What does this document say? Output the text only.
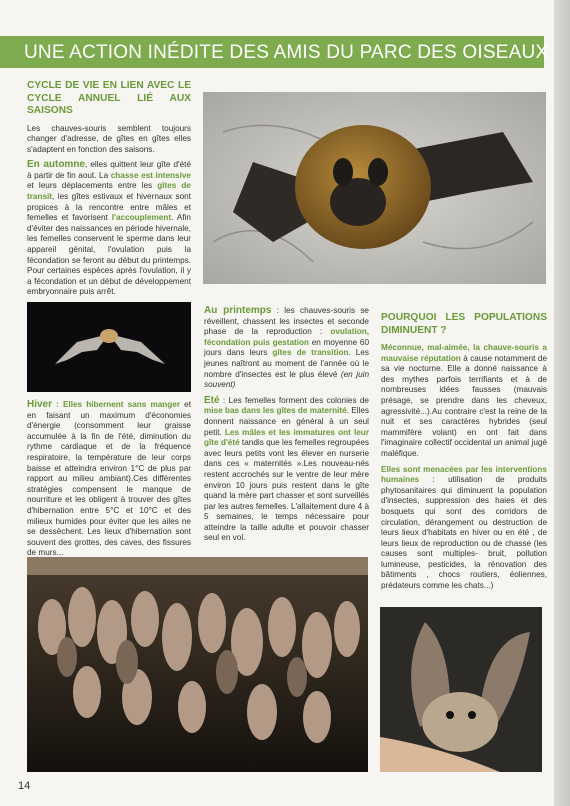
UNE ACTION INÉDITE DES AMIS DU PARC DES OISEAUX
CYCLE DE VIE EN LIEN AVEC LE CYCLE ANNUEL LIÉ AUX SAISONS

Les chauves-souris semblent toujours changer d'adresse, de gîtes en gîtes elles s'adaptent en fonction des saisons.

En automne, elles quittent leur gîte d'été à partir de fin aout. La chasse est intensive et leurs déplacements entre les gîtes de transit, les gîtes estivaux et hivernaux sont propices à la rencontre entre mâles et femelles et favorisent l'accouplement. Afin d'éviter des naissances en période hivernale, les femelles conservent le sperme dans leur appareil génital, l'ovulation puis la fécondation se feront au début du printemps. Pour certaines espèces après l'ovulation, il y a fécondation et un début de développement embryonnaire puis arrêt.

Hiver : Elles hibernent sans manger et en faisant un maximum d'économies d'énergie (consomment leur graisse accumulée à la fin de l'été, diminution du rythme cardiaque et de la fréquence respiratoire, la température de leur corps baisse et atteindra environ 1°C de plus par rapport au milieu ambiant).Ces différentes stratégies compensent le manque de nourriture et les obligent à trouver des gîtes d'hibernation entre 5°C et 10°C et des milieux humides pour éviter que les ailes ne se dessèchent. Les lieux d'hibernation sont souvent des grottes, des caves, des fissures de murs...

Au printemps : les chauves-souris se réveillent, chassent les insectes et seconde phase de la reproduction : ovulation, fécondation puis gestation en moyenne 60 jours dans leurs gîtes de transition. Les jeunes naîtront au moment de l'année où le nombre d'insectes est le plus élevé (en juin souvent)

Eté : Les femelles forment des colonies de mise bas dans les gîtes de maternité. Elles donnent naissance en général à un seul petit. Les mâles et les immatures ont leur gîte d'été tandis que les femelles regroupées avec leurs petits vont les élever en nurserie dans ces « maternités ».Les nouveau-nés restent accrochés sur le ventre de leur mère environ 10 jours puis restent dans le gîte quand la mère part chasser et sont surveillés par les autres femelles. L'allaitement dure 4 à 5 semaines, le temps nécessaire pour atteindre la taille adulte et pouvoir chasser seul en vol.

POURQUOI LES POPULATIONS DIMINUENT ?

Méconnue, mal-aimée, la chauve-souris a mauvaise réputation à cause notamment de sa vie nocturne. Elle a donné naissance à des mythes parfois terrifiants et à de nombreuses idées fausses (mauvais présage, se prendre dans les cheveux, agressivité...).Au contraire c'est la reine de la nuit et ses caractères hybrides (seul mammifère volant) en ont fait dans l'imaginaire collectif occidental un animal jugé maléfique.

Elles sont menacées par les interventions humaines : utilisation de produits phytosanitaires qui diminuent la population d'insectes, suppression des haies et des bosquets qui sont des corridors de circulation, dérangement ou destruction de leurs lieux d'habitats en hiver ou en été , de leurs lieux de reproduction ou de chasse (les causes sont multiples- bruit, pollution lumineuse, pesticides, la rénovation des bâtiments , chocs routiers, éoliennes, prédateurs comme les chats...)

14
